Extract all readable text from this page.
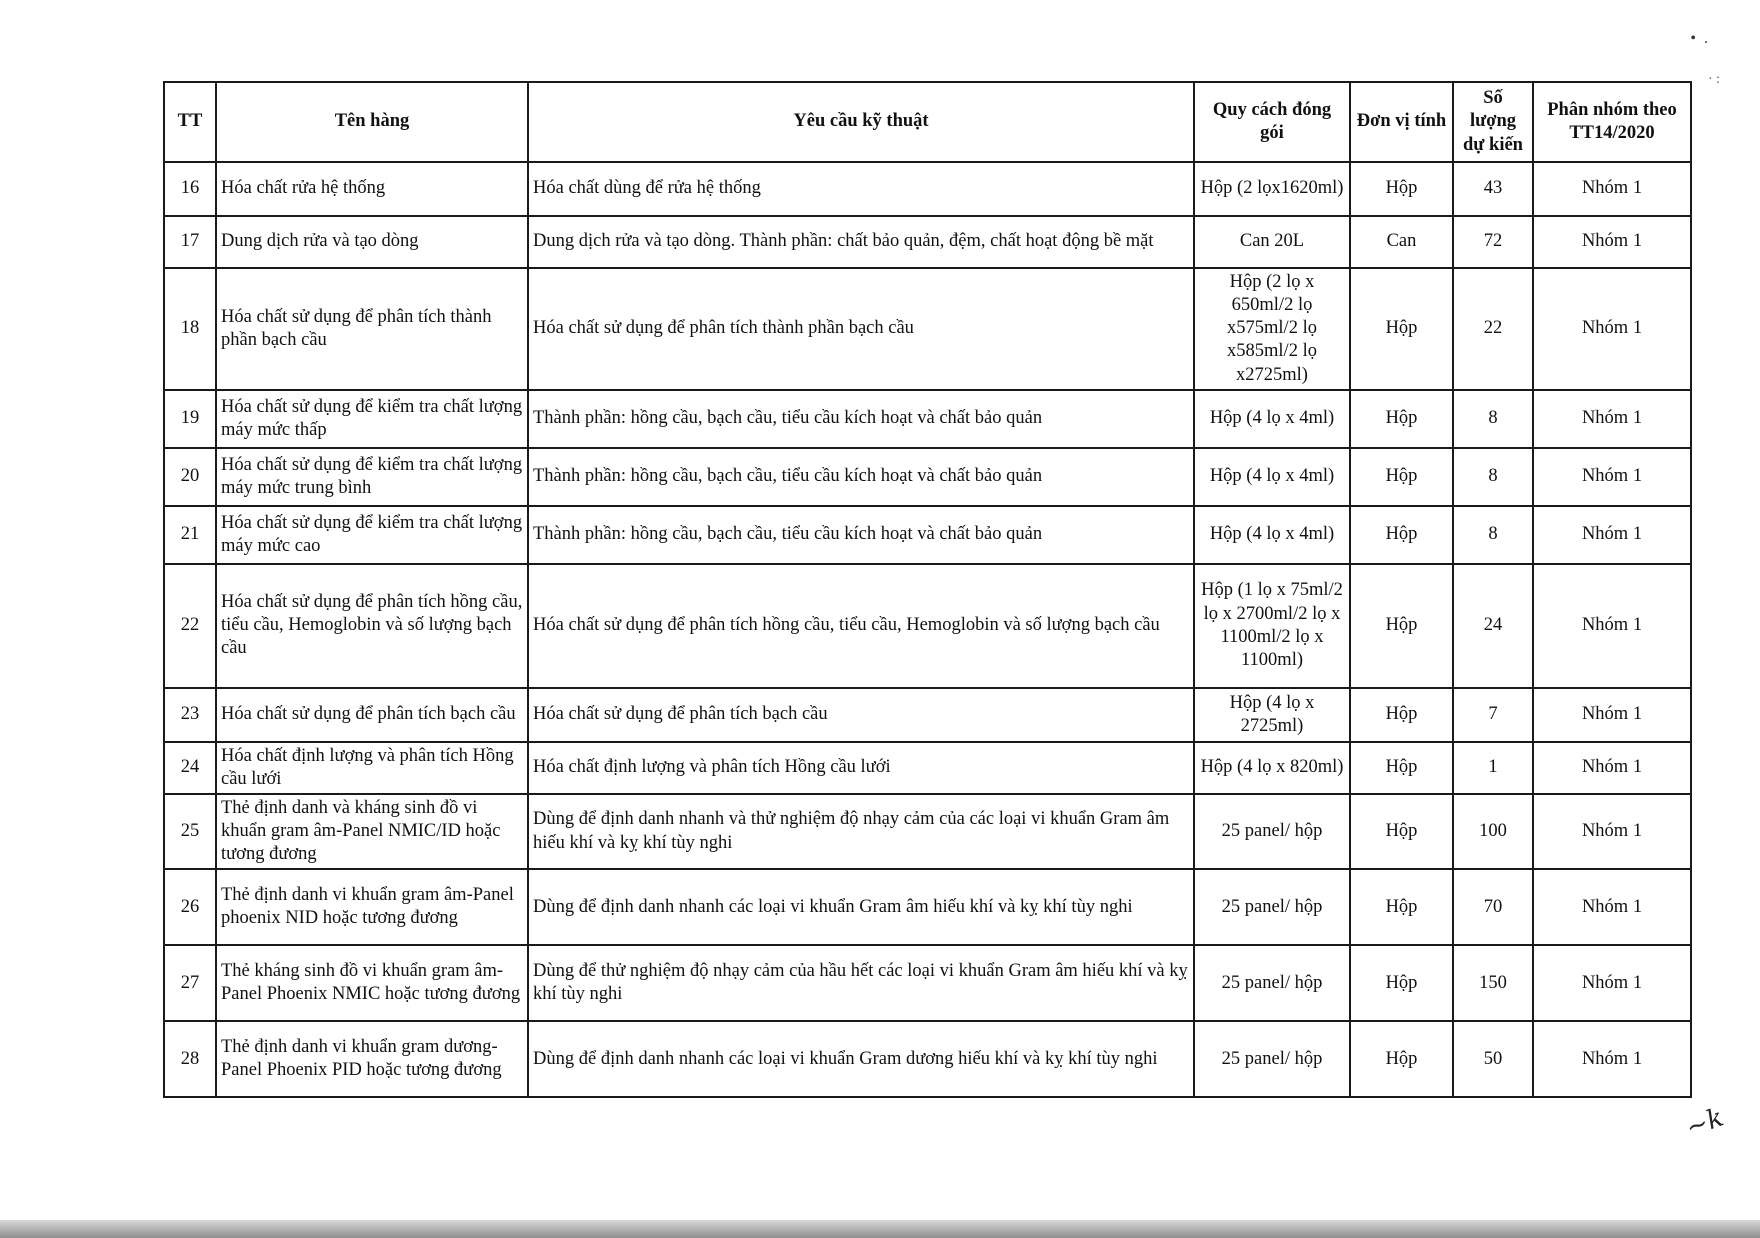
• .
· :
TT	Tên hàng	Yêu cầu kỹ thuật	Quy cách đóng gói	Đơn vị tính	Số lượng dự kiến	Phân nhóm theo TT14/2020
16	Hóa chất rửa hệ thống	Hóa chất dùng để rửa hệ thống	Hộp (2 lọx1620ml)	Hộp	43	Nhóm 1
17	Dung dịch rửa và tạo dòng	Dung dịch rửa và tạo dòng. Thành phần: chất bảo quản, đệm, chất hoạt động bề mặt	Can 20L	Can	72	Nhóm 1
18	Hóa chất sử dụng để phân tích thành phần bạch cầu	Hóa chất sử dụng để phân tích thành phần bạch cầu	Hộp (2 lọ x 650ml/2 lọ x575ml/2 lọ x585ml/2 lọ x2725ml)	Hộp	22	Nhóm 1
19	Hóa chất sử dụng để kiểm tra chất lượng máy mức thấp	Thành phần: hồng cầu, bạch cầu, tiểu cầu kích hoạt và chất bảo quản	Hộp (4 lọ x 4ml)	Hộp	8	Nhóm 1
20	Hóa chất sử dụng để kiểm tra chất lượng máy mức trung bình	Thành phần: hồng cầu, bạch cầu, tiểu cầu kích hoạt và chất bảo quản	Hộp (4 lọ x 4ml)	Hộp	8	Nhóm 1
21	Hóa chất sử dụng để kiểm tra chất lượng máy mức cao	Thành phần: hồng cầu, bạch cầu, tiểu cầu kích hoạt và chất bảo quản	Hộp (4 lọ x 4ml)	Hộp	8	Nhóm 1
22	Hóa chất sử dụng để phân tích hồng cầu, tiểu cầu, Hemoglobin và số lượng bạch cầu	Hóa chất sử dụng để phân tích hồng cầu, tiểu cầu, Hemoglobin và số lượng bạch cầu	Hộp (1 lọ x 75ml/2 lọ x 2700ml/2 lọ x 1100ml/2 lọ x 1100ml)	Hộp	24	Nhóm 1
23	Hóa chất sử dụng để phân tích bạch cầu	Hóa chất sử dụng để phân tích bạch cầu	Hộp (4 lọ x 2725ml)	Hộp	7	Nhóm 1
24	Hóa chất định lượng và phân tích Hồng cầu lưới	Hóa chất định lượng và phân tích Hồng cầu lưới	Hộp (4 lọ x 820ml)	Hộp	1	Nhóm 1
25	Thẻ định danh và kháng sinh đồ vi khuẩn gram âm-Panel NMIC/ID hoặc tương đương	Dùng để định danh nhanh và thử nghiệm độ nhạy cảm của các loại vi khuẩn Gram âm hiếu khí và kỵ khí tùy nghi	25 panel/ hộp	Hộp	100	Nhóm 1
26	Thẻ định danh vi khuẩn gram âm-Panel phoenix NID hoặc tương đương	Dùng để định danh nhanh các loại vi khuẩn Gram âm hiếu khí và kỵ khí tùy nghi	25 panel/ hộp	Hộp	70	Nhóm 1
27	Thẻ kháng sinh đồ vi khuẩn gram âm-Panel Phoenix NMIC hoặc tương đương	Dùng để thử nghiệm độ nhạy cảm của hầu hết các loại vi khuẩn Gram âm hiếu khí và kỵ khí tùy nghi	25 panel/ hộp	Hộp	150	Nhóm 1
28	Thẻ định danh vi khuẩn gram dương-Panel Phoenix PID hoặc tương đương	Dùng để định danh nhanh các loại vi khuẩn Gram dương hiếu khí và kỵ khí tùy nghi	25 panel/ hộp	Hộp	50	Nhóm 1
~k
